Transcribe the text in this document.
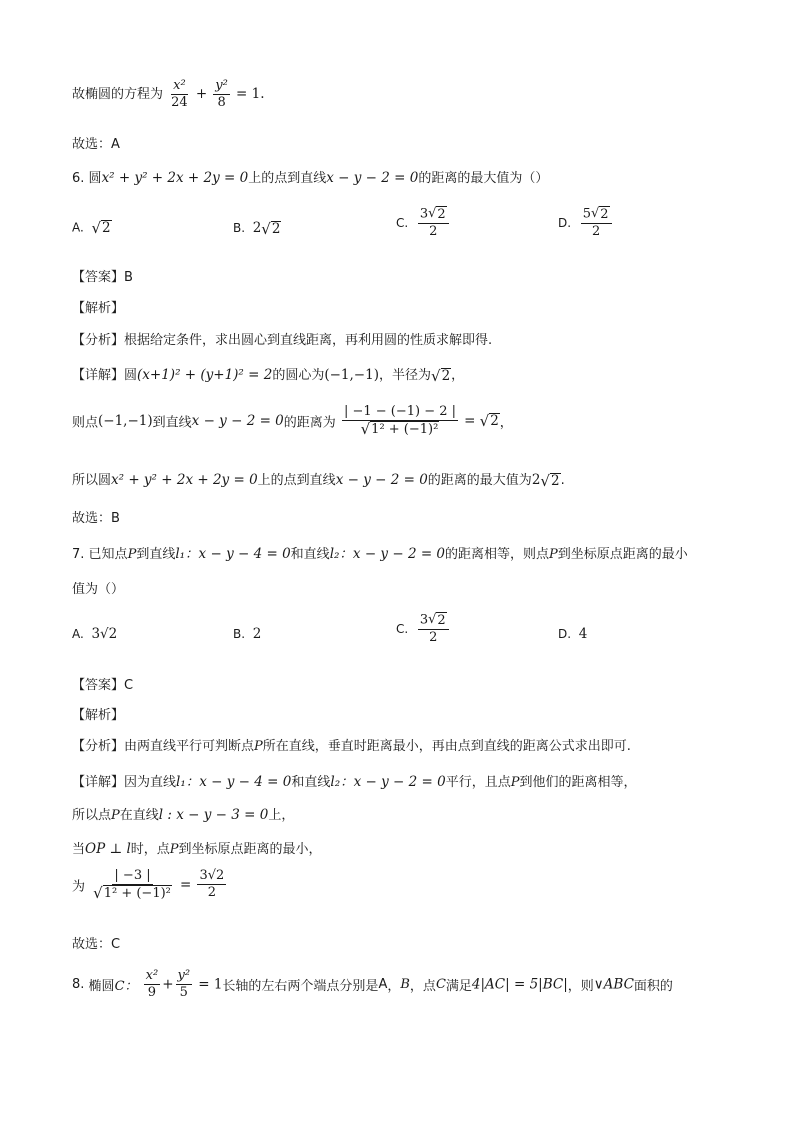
故椭圆的方程为 $\frac{\text{x²}}{24} + \frac{\text{y²}}{8} = 1$.
故选：A
6. 圆x² + y² + 2x + 2y = 0上的点到直线x − y − 2 = 0的距离的最大值为（）
A. √ 2	B. 2 √ 2	C. $\frac{3 √ 2}{2}$	D. $\frac{5 √ 2}{2}$
【答案】B
【解析】
【分析】根据给定条件，求出圆心到直线距离，再利用圆的性质求解即得.
【详解】圆(x+1)² + (y+1)² = 2的圆心为(−1,−1)，半径为 √ 2 ，
则点(−1,−1)到直线x − y − 2 = 0的距离为 $\frac{| -1 - (-1) - 2 |}{\text{√ 1² + (−1)²}}$ = √ 2 ，
所以圆x² + y² + 2x + 2y = 0上的点到直线x − y − 2 = 0的距离的最大值为2 √ 2 .
故选：B
7. 已知点P到直线l₁：x − y − 4 = 0和直线l₂：x − y − 2 = 0的距离相等，则点P到坐标原点距离的最小
值为（）
A. 3√2	B. 2	C. $\frac{3 √ 2}{2}$	D. 4
【答案】C
【解析】
【分析】由两直线平行可判断点P所在直线，垂直时距离最小，再由点到直线的距离公式求出即可.
【详解】因为直线l₁：x − y − 4 = 0和直线l₂：x − y − 2 = 0平行，且点P到他们的距离相等，
所以点P在直线l : x − y − 3 = 0上，
当OP ⊥ l时，点P到坐标原点距离的最小，
为 $\frac{| -3 |}{\text{√ 1² + (−1)²}} = \frac{3√2}{2}$
故选：C
8. 椭圆C： $\frac{\text{x²}}{9} + \frac{\text{y²}}{5} = 1$长轴的左右两个端点分别是A，B，点C满足4|AC| = 5|BC|，则∨ABC面积的
